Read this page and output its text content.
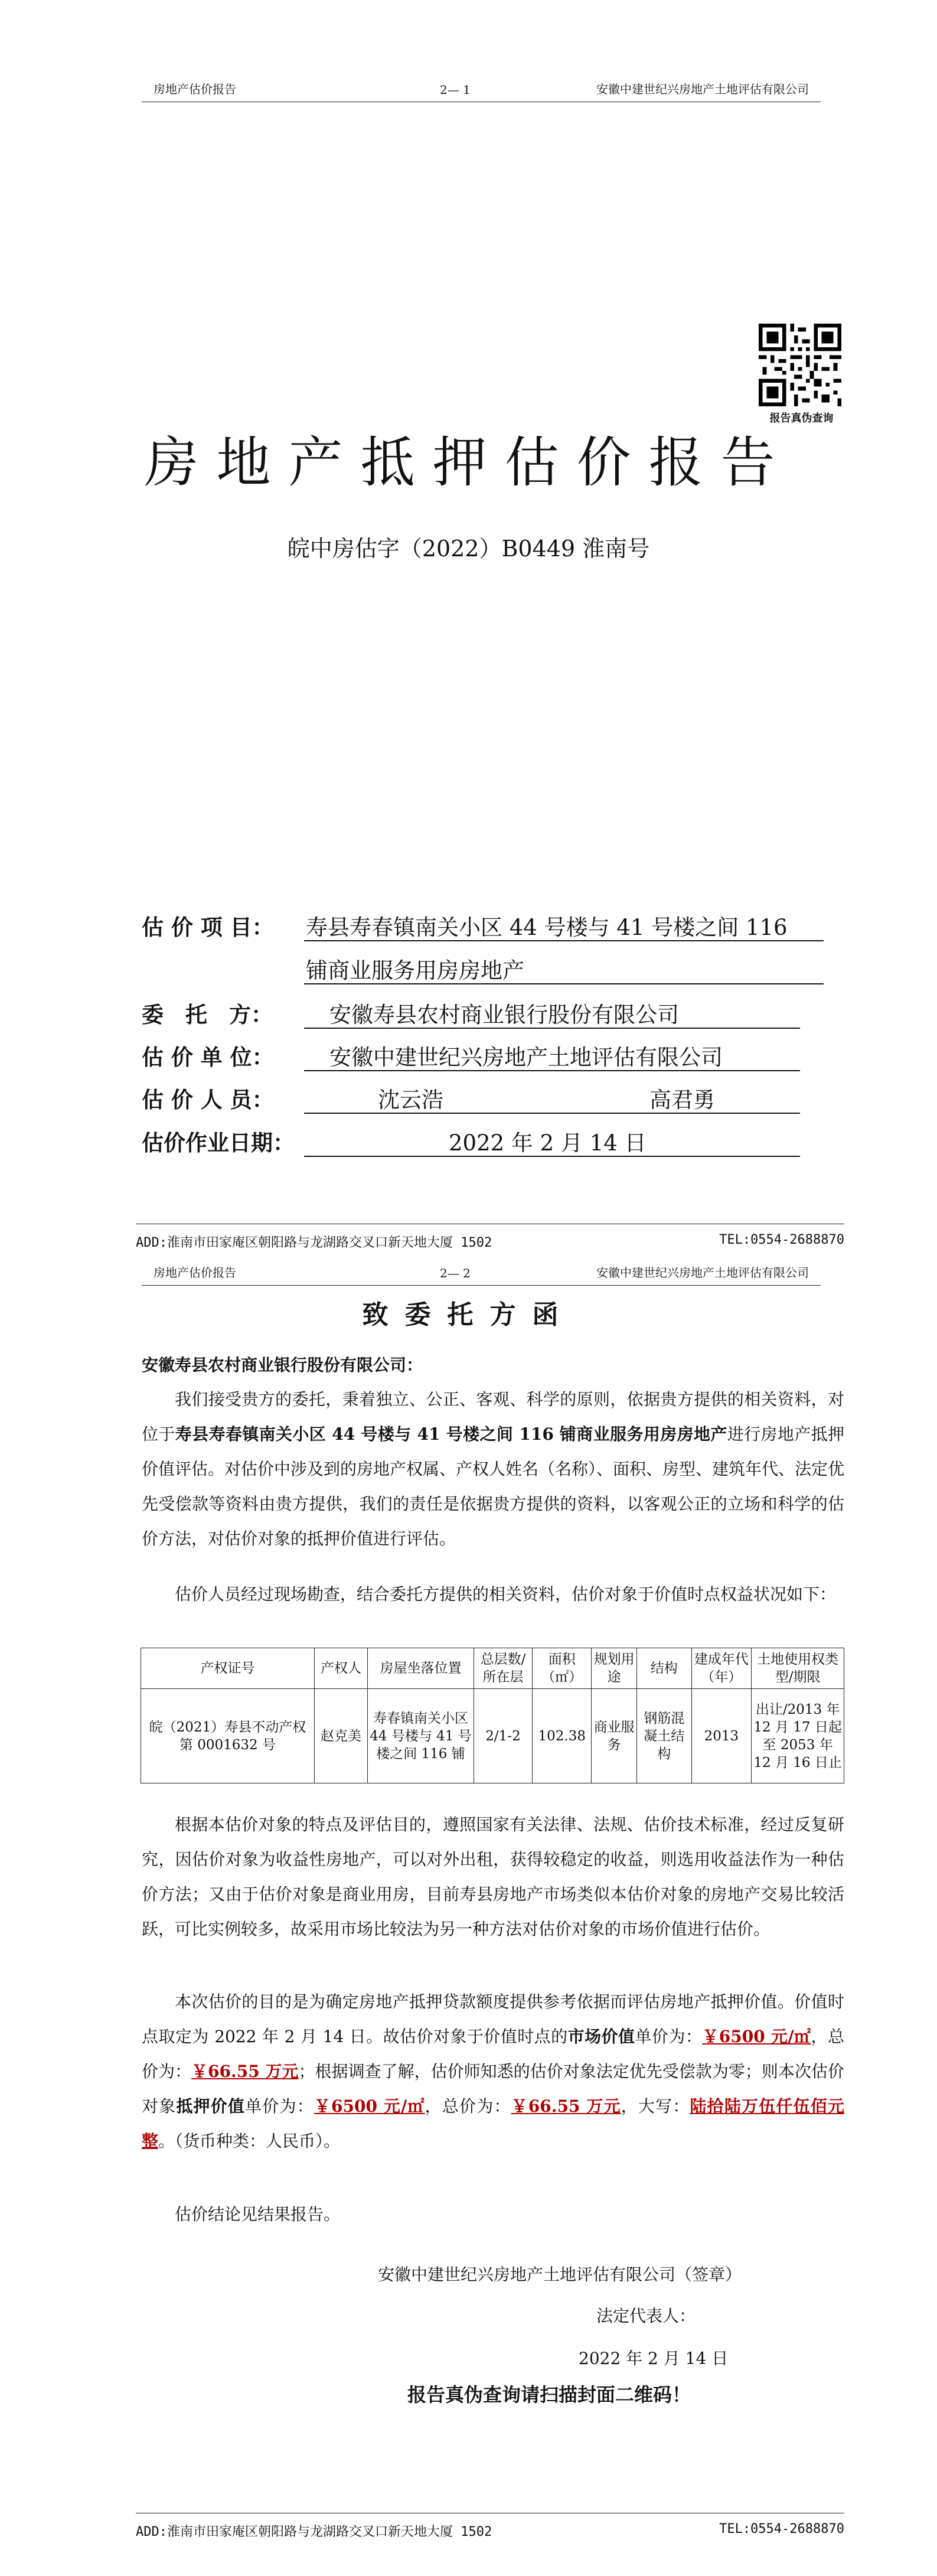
房地产估价报告	2— 1	安徽中建世纪兴房地产土地评估有限公司
报告真伪查询
房地产抵押估价报告
皖中房估字（2022）B0449 淮南号
估 价 项 目： 寿县寿春镇南关小区 44 号楼与 41 号楼之间 116
铺商业服务用房房地产
委　托　方：	安徽寿县农村商业银行股份有限公司
估 价 单 位：	安徽中建世纪兴房地产土地评估有限公司
估 价 人 员：	沈云浩	高君勇
估价作业日期：	2022 年 2 月 14 日
ADD:淮南市田家庵区朝阳路与龙湖路交叉口新天地大厦 1502	TEL:0554-2688870
房地产估价报告	2— 2	安徽中建世纪兴房地产土地评估有限公司
致委托方函
安徽寿县农村商业银行股份有限公司：

我们接受贵方的委托，秉着独立、公正、客观、科学的原则，依据贵方提供的相关资料，对位于寿县寿春镇南关小区 44 号楼与 41 号楼之间 116 铺商业服务用房房地产进行房地产抵押价值评估。对估价中涉及到的房地产权属、产权人姓名（名称）、面积、房型、建筑年代、法定优先受偿款等资料由贵方提供，我们的责任是依据贵方提供的资料，以客观公正的立场和科学的估价方法，对估价对象的抵押价值进行评估。

估价人员经过现场勘查，结合委托方提供的相关资料，估价对象于价值时点权益状况如下：

产权证号	产权人	房屋坐落位置	总层数/所在层	面积（㎡）	规划用途	结构	建成年代（年）	土地使用权类型/期限
皖（2021）寿县不动产权第 0001632 号	赵克美	寿春镇南关小区 44 号楼与 41 号楼之间 116 铺	2/1-2	102.38	商业服务	钢筋混凝土结构	2013	出让/2013 年 12 月 17 日起至 2053 年 12 月 16 日止

根据本估价对象的特点及评估目的，遵照国家有关法律、法规、估价技术标准，经过反复研究，因估价对象为收益性房地产，可以对外出租，获得较稳定的收益，则选用收益法作为一种估价方法；又由于估价对象是商业用房，目前寿县房地产市场类似本估价对象的房地产交易比较活跃，可比实例较多，故采用市场比较法为另一种方法对估价对象的市场价值进行估价。

本次估价的目的是为确定房地产抵押贷款额度提供参考依据而评估房地产抵押价值。价值时点取定为 2022 年 2 月 14 日。故估价对象于价值时点的市场价值单价为：￥6500 元/㎡，总价为：￥66.55 万元；根据调查了解，估价师知悉的估价对象法定优先受偿款为零；则本次估价对象抵押价值单价为：￥6500 元/㎡，总价为：￥66.55 万元，大写：陆拾陆万伍仟伍佰元整。（货币种类：人民币）。

估价结论见结果报告。

安徽中建世纪兴房地产土地评估有限公司（签章）
法定代表人：
2022 年 2 月 14 日
报告真伪查询请扫描封面二维码！
ADD:淮南市田家庵区朝阳路与龙湖路交叉口新天地大厦 1502	TEL:0554-2688870
